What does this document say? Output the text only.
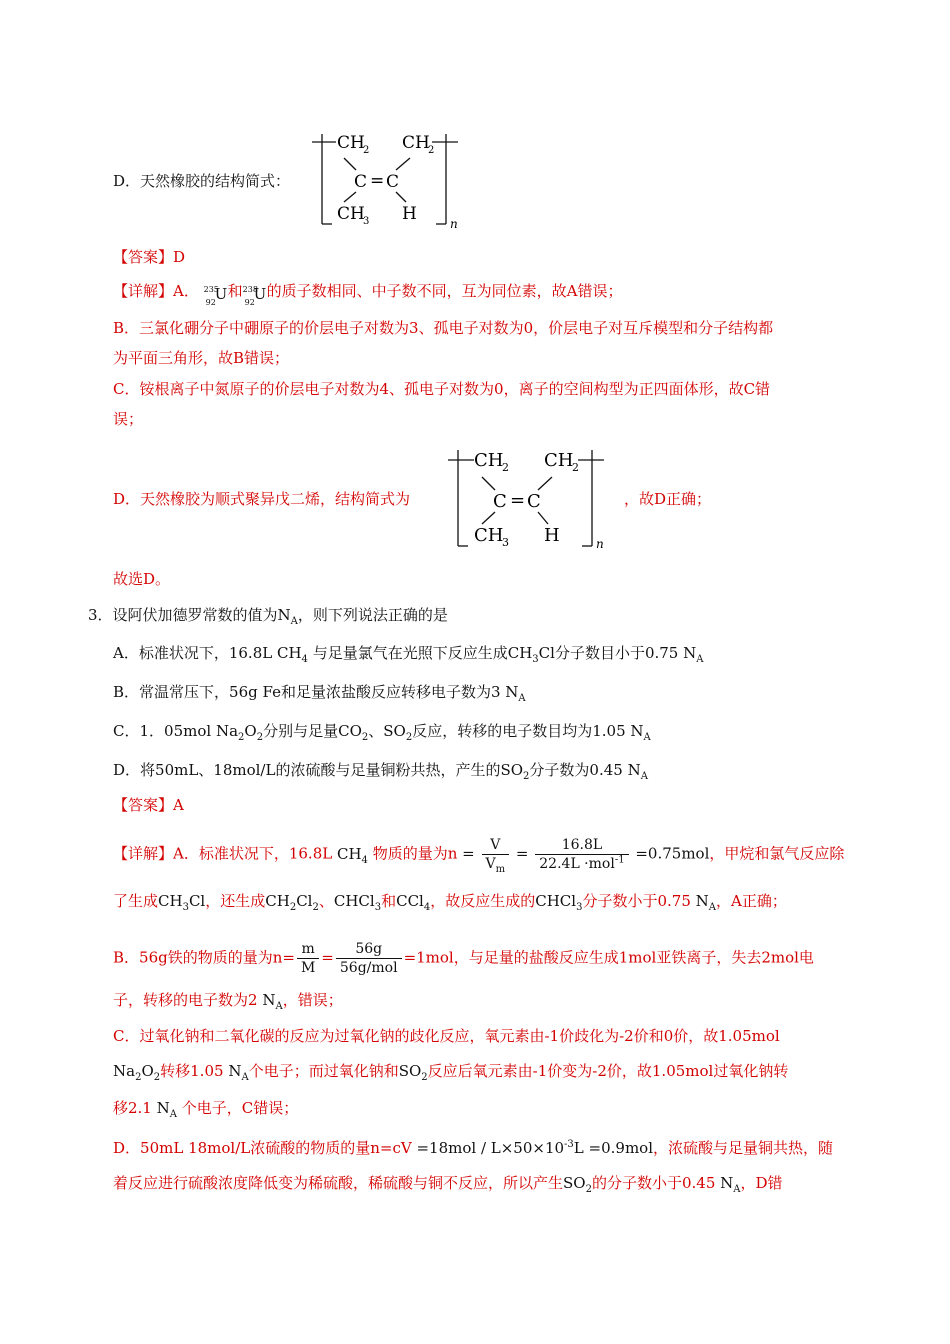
D．天然橡胶的结构简式：
CH
2 CH
2
C = C
CH
3 H	n
【答案】D
【详解】A． 235
92
U 和 238
92
U 的质子数相同、中子数不同，互为同位素，故A错误；
B．三氯化硼分子中硼原子的价层电子对数为3、孤电子对数为0，价层电子对互斥模型和分子结构都
为平面三角形，故B错误；
C．铵根离子中氮原子的价层电子对数为4、孤电子对数为0，离子的空间构型为正四面体形，故C错
误；
D．天然橡胶为顺式聚异戊二烯，结构简式为
CH
2 CH
2
C = C
CH
3 H	n
，故D正确；
故选D。
3．设阿伏加德罗常数的值为$N_A$，则下列说法正确的是
A．标准状况下，16.8L $CH_4$ 与足量氯气在光照下反应生成$CH_3Cl$分子数目小于0.75 $N_A$
B．常温常压下，56g Fe和足量浓盐酸反应转移电子数为3 $N_A$
C．1．05mol $Na_2O_2$分别与足量$CO_2$、$SO_2$反应，转移的电子数目均为1.05 $N_A$
D．将50mL、18mol/L的浓硫酸与足量铜粉共热，产生的$SO_2$分子数为0.45 $N_A$
【答案】A
【详解】A．标准状况下，16.8L $CH_4$ 物质的量为$n = \frac{V}{V_m} = \frac{16.8L}{22.4L \cdot mol^{-1}} =0.75mol$，甲烷和氯气反应除
了生成$CH_3Cl$，还生成$CH_2Cl_2$、CHCl$_3$和CCl$_4$，故反应生成的CHCl$_3$分子数小于0.75 $N_A$，A正确；
B．56g铁的物质的量为$n= \frac{m}{M} = \frac{56g}{\text{56g/mol}} =1mol$，与足量的盐酸反应生成1mol亚铁离子，失去2mol电
子，转移的电子数为2 $N_A$，错误；
C．过氧化钠和二氧化碳的反应为过氧化钠的歧化反应，氧元素由-1价歧化为-2价和0价，故1.05mol
$Na_2O_2$转移1.05 $N_A$个电子；而过氧化钠和$SO_2$反应后氧元素由-1价变为-2价，故1.05mol过氧化钠转
移2.1 $N_A$ 个电子，C错误；
D．50mL 18mol/L浓硫酸的物质的量$n=cV =18mol / L\times 50\times 10^{-3}L =0.9mol$，浓硫酸与足量铜共热，随
着反应进行硫酸浓度降低变为稀硫酸，稀硫酸与铜不反应，所以产生$SO_2$的分子数小于0.45 $N_A$，D错
